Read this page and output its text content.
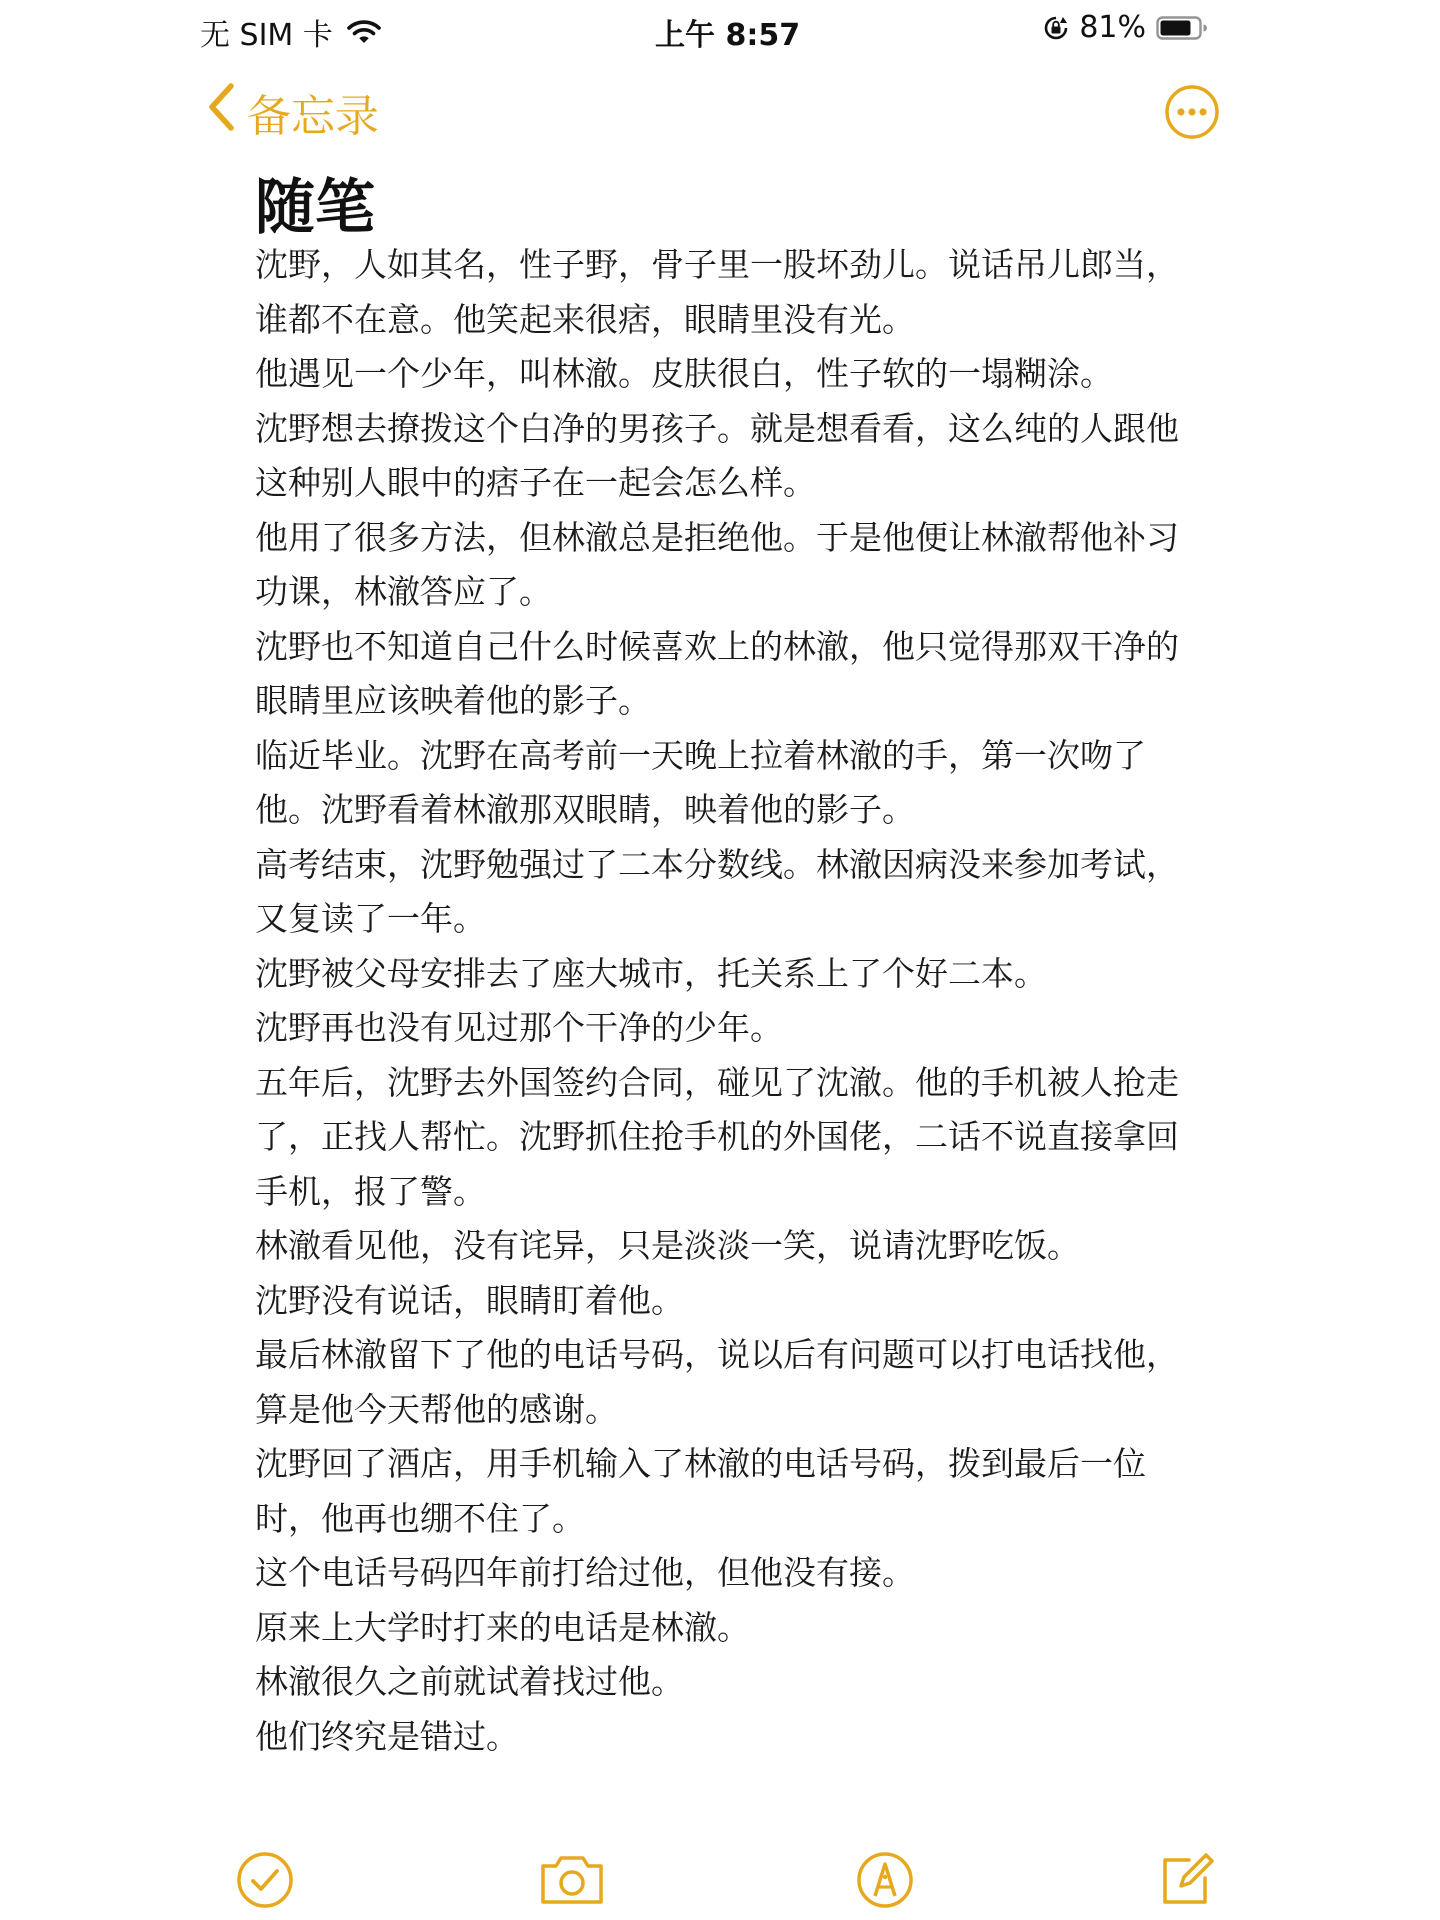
无 SIM 卡	上午 8:57	81%
备忘录
随笔

沈野，人如其名，性子野，骨子里一股坏劲儿。说话吊儿郎当，谁都不在意。他笑起来很痞，眼睛里没有光。

他遇见一个少年，叫林澈。皮肤很白，性子软的一塌糊涂。

沈野想去撩拨这个白净的男孩子。就是想看看，这么纯的人跟他这种别人眼中的痞子在一起会怎么样。

他用了很多方法，但林澈总是拒绝他。于是他便让林澈帮他补习功课，林澈答应了。

沈野也不知道自己什么时候喜欢上的林澈，他只觉得那双干净的眼睛里应该映着他的影子。

临近毕业。沈野在高考前一天晚上拉着林澈的手，第一次吻了他。沈野看着林澈那双眼睛，映着他的影子。

高考结束，沈野勉强过了二本分数线。林澈因病没来参加考试，又复读了一年。

沈野被父母安排去了座大城市，托关系上了个好二本。

沈野再也没有见过那个干净的少年。

五年后，沈野去外国签约合同，碰见了沈澈。他的手机被人抢走了，正找人帮忙。沈野抓住抢手机的外国佬，二话不说直接拿回手机，报了警。

林澈看见他，没有诧异，只是淡淡一笑，说请沈野吃饭。

沈野没有说话，眼睛盯着他。

最后林澈留下了他的电话号码，说以后有问题可以打电话找他，算是他今天帮他的感谢。

沈野回了酒店，用手机输入了林澈的电话号码，拨到最后一位时，他再也绷不住了。

这个电话号码四年前打给过他，但他没有接。

原来上大学时打来的电话是林澈。

林澈很久之前就试着找过他。

他们终究是错过。
